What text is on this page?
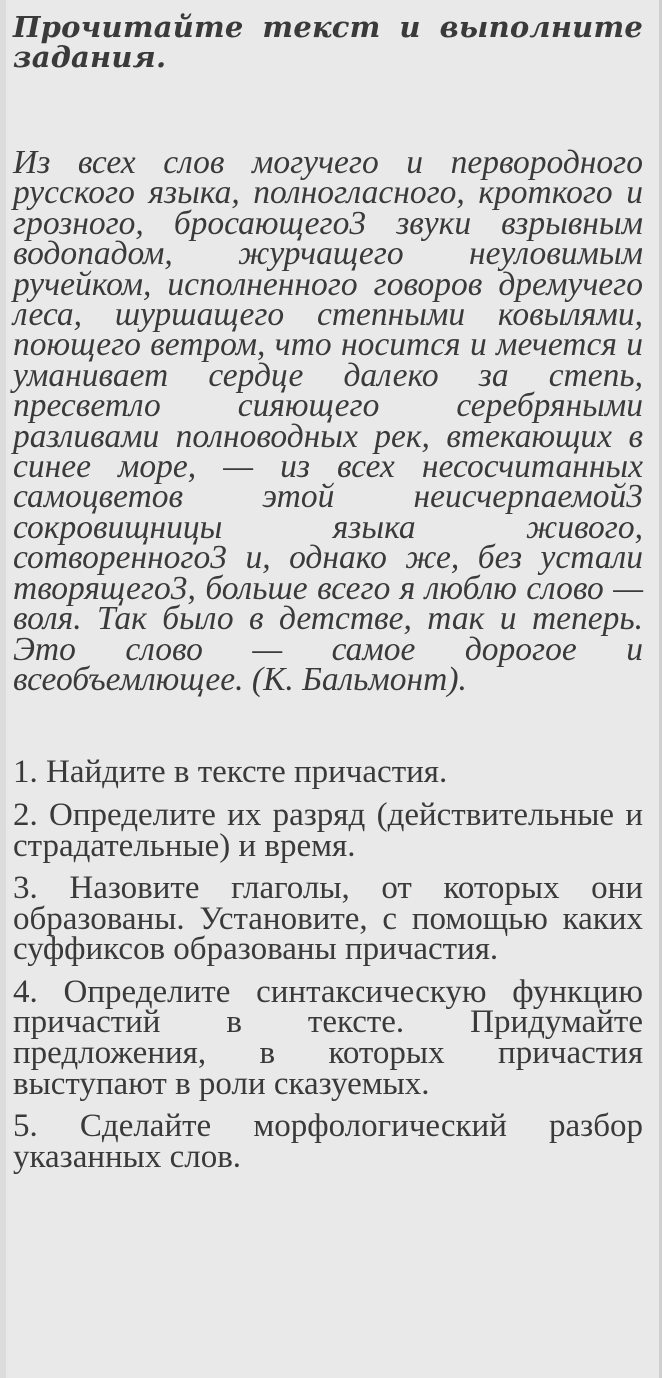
Прочитайте текст и выполните задания.

Из всех слов могучего и первородного русского языка, полногласного, кроткого и грозного, бросающего3 звуки взрывным водопадом, журчащего неуловимым ручейком, исполненного говоров дремучего леса, шуршащего степными ковылями, поющего ветром, что носится и мечется и уманивает сердце далеко за степь, пресветло сияющего серебряными разливами полноводных рек, втекающих в синее море, — из всех несосчитанных самоцветов этой неисчерпаемой3 сокровищницы языка живого, сотворенного3 и, однако же, без устали творящего3, больше всего я люблю слово — воля. Так было в детстве, так и теперь. Это слово — самое дорогое и всеобъемлющее. (К. Бальмонт).

1. Найдите в тексте причастия.

2. Определите их разряд (действительные и страдательные) и время.

3. Назовите глаголы, от которых они образованы. Установите, с помощью каких суффиксов образованы причастия.

4. Определите синтаксическую функцию причастий в тексте. Придумайте предложения, в которых причастия выступают в роли сказуемых.

5. Сделайте морфологический разбор указанных слов.
